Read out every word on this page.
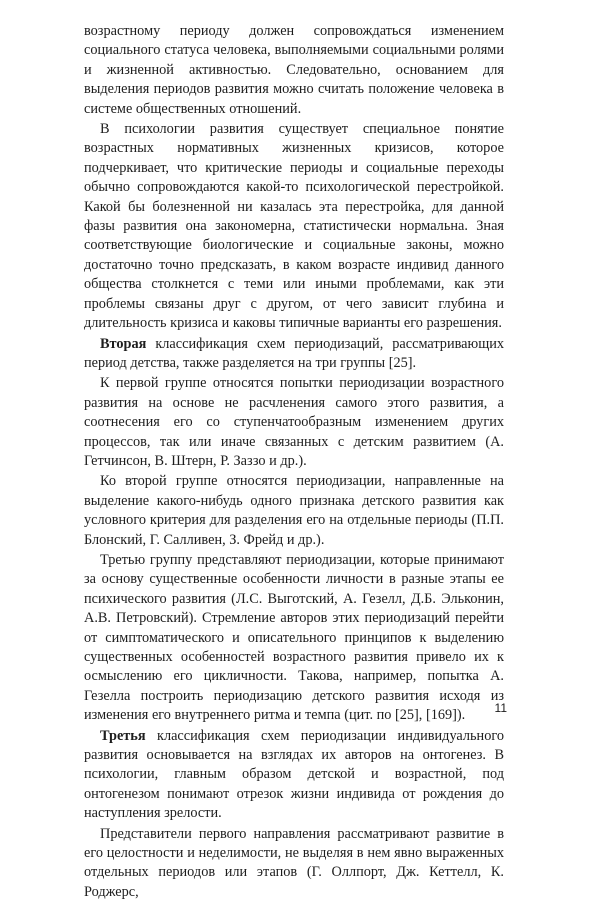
возрастному периоду должен сопровождаться изменением социального статуса человека, выполняемыми социальными ролями и жизненной активностью. Следовательно, основанием для выделения периодов развития можно считать положение человека в системе общественных отношений.

В психологии развития существует специальное понятие возрастных нормативных жизненных кризисов, которое подчеркивает, что критические периоды и социальные переходы обычно сопровождаются какой-то психологической перестройкой. Какой бы болезненной ни казалась эта перестройка, для данной фазы развития она закономерна, статистически нормальна. Зная соответствующие биологические и социальные законы, можно достаточно точно предсказать, в каком возрасте индивид данного общества столкнется с теми или иными проблемами, как эти проблемы связаны друг с другом, от чего зависит глубина и длительность кризиса и каковы типичные варианты его разрешения.

Вторая классификация схем периодизаций, рассматривающих период детства, также разделяется на три группы [25].

К первой группе относятся попытки периодизации возрастного развития на основе не расчленения самого этого развития, а соотнесения его со ступенчатообразным изменением других процессов, так или иначе связанных с детским развитием (А. Гетчинсон, В. Штерн, Р. Заззо и др.).

Ко второй группе относятся периодизации, направленные на выделение какого-нибудь одного признака детского развития как условного критерия для разделения его на отдельные периоды (П.П. Блонский, Г. Салливен, З. Фрейд и др.).

Третью группу представляют периодизации, которые принимают за основу существенные особенности личности в разные этапы ее психического развития (Л.С. Выготский, А. Гезелл, Д.Б. Эльконин, А.В. Петровский). Стремление авторов этих периодизаций перейти от симптоматического и описательного принципов к выделению существенных особенностей возрастного развития привело их к осмыслению его цикличности. Такова, например, попытка А. Гезелла построить периодизацию детского развития исходя из изменения его внутреннего ритма и темпа (цит. по [25], [169]).

Третья классификация схем периодизации индивидуального развития основывается на взглядах их авторов на онтогенез. В психологии, главным образом детской и возрастной, под онтогенезом понимают отрезок жизни индивида от рождения до наступления зрелости.

Представители первого направления рассматривают развитие в его целостности и неделимости, не выделяя в нем явно выраженных отдельных периодов или этапов (Г. Оллпорт, Дж. Кеттелл, К. Роджерс,

11
